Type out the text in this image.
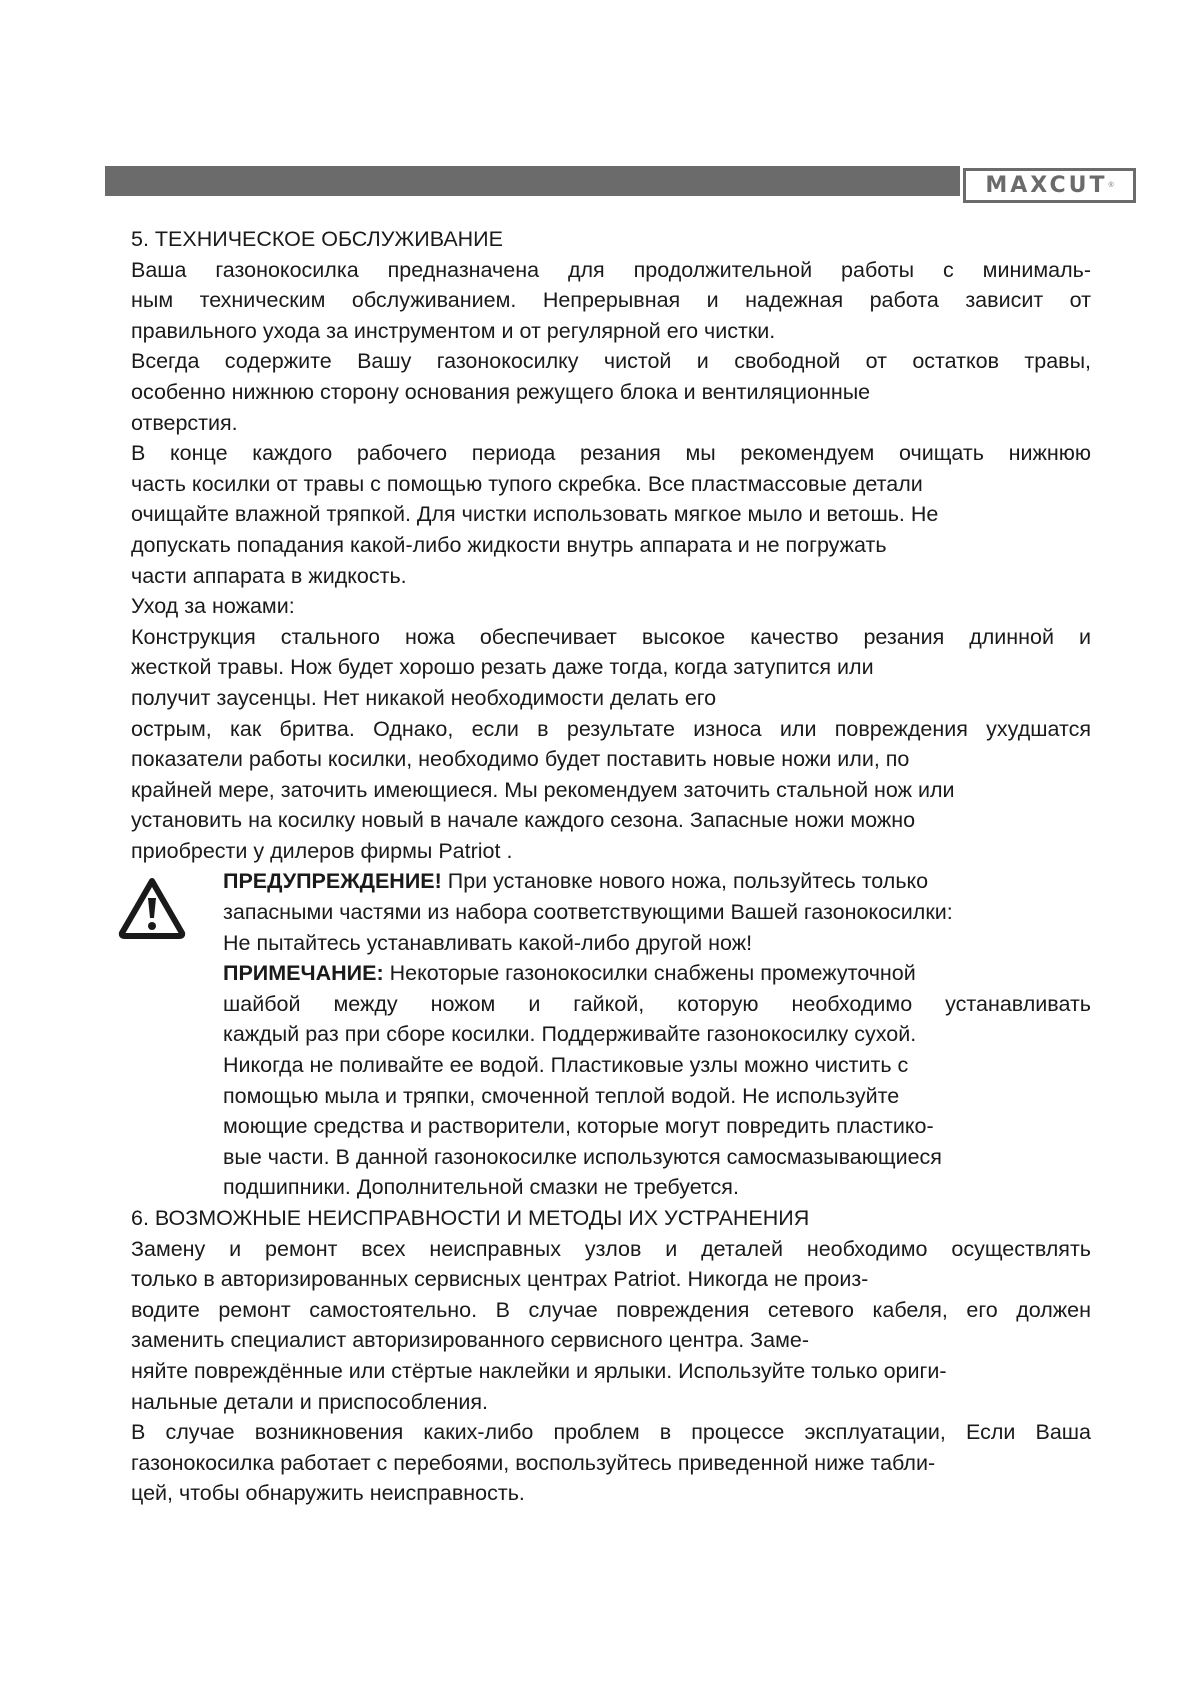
MAXCUT ®
5. ТЕХНИЧЕСКОЕ ОБСЛУЖИВАНИЕ
Ваша газонокосилка предназначена для продолжительной работы с минималь-
ным техническим обслуживанием. Непрерывная и надежная работа зависит от
правильного ухода за инструментом и от регулярной его чистки.
Всегда содержите Вашу газонокосилку чистой и свободной от остатков травы,
особенно нижнюю сторону основания режущего блока и вентиляционные
отверстия.
В конце каждого рабочего периода резания мы рекомендуем очищать нижнюю
часть косилки от травы с помощью тупого скребка. Все пластмассовые детали
очищайте влажной тряпкой. Для чистки использовать мягкое мыло и ветошь. Не
допускать попадания какой-либо жидкости внутрь аппарата и не погружать
части аппарата в жидкость.
Уход за ножами:
Конструкция стального ножа обеспечивает высокое качество резания длинной и
жесткой травы. Нож будет хорошо резать даже тогда, когда затупится или
получит заусенцы. Нет никакой необходимости делать его
острым, как бритва. Однако, если в результате износа или повреждения ухудшатся
показатели работы косилки, необходимо будет поставить новые ножи или, по
крайней мере, заточить имеющиеся. Мы рекомендуем заточить стальной нож или
установить на косилку новый в начале каждого сезона. Запасные ножи можно
приобрести у дилеров фирмы Patriot .
ПРЕДУПРЕЖДЕНИЕ! При установке нового ножа, пользуйтесь только
запасными частями из набора соответствующими Вашей газонокосилки:
Не пытайтесь устанавливать какой-либо другой нож!
ПРИМЕЧАНИЕ: Некоторые газонокосилки снабжены промежуточной
шайбой между ножом и гайкой, которую необходимо устанавливать
каждый раз при сборе косилки. Поддерживайте газонокосилку сухой.
Никогда не поливайте ее водой. Пластиковые узлы можно чистить с
помощью мыла и тряпки, смоченной теплой водой. Не используйте
моющие средства и растворители, которые могут повредить пластико-
вые части. В данной газонокосилке используются самосмазывающиеся
подшипники. Дополнительной смазки не требуется.
6. ВОЗМОЖНЫЕ НЕИСПРАВНОСТИ И МЕТОДЫ ИХ УСТРАНЕНИЯ
Замену и ремонт всех неисправных узлов и деталей необходимо осуществлять
только в авторизированных сервисных центрах Patriot. Никогда не произ-
водите ремонт самостоятельно. В случае повреждения сетевого кабеля, его должен
заменить специалист авторизированного сервисного центра. Заме-
няйте повреждённые или стёртые наклейки и ярлыки. Используйте только ориги-
нальные детали и приспособления.
В случае возникновения каких-либо проблем в процессе эксплуатации, Если Ваша
газонокосилка работает с перебоями, воспользуйтесь приведенной ниже табли-
цей, чтобы обнаружить неисправность.
